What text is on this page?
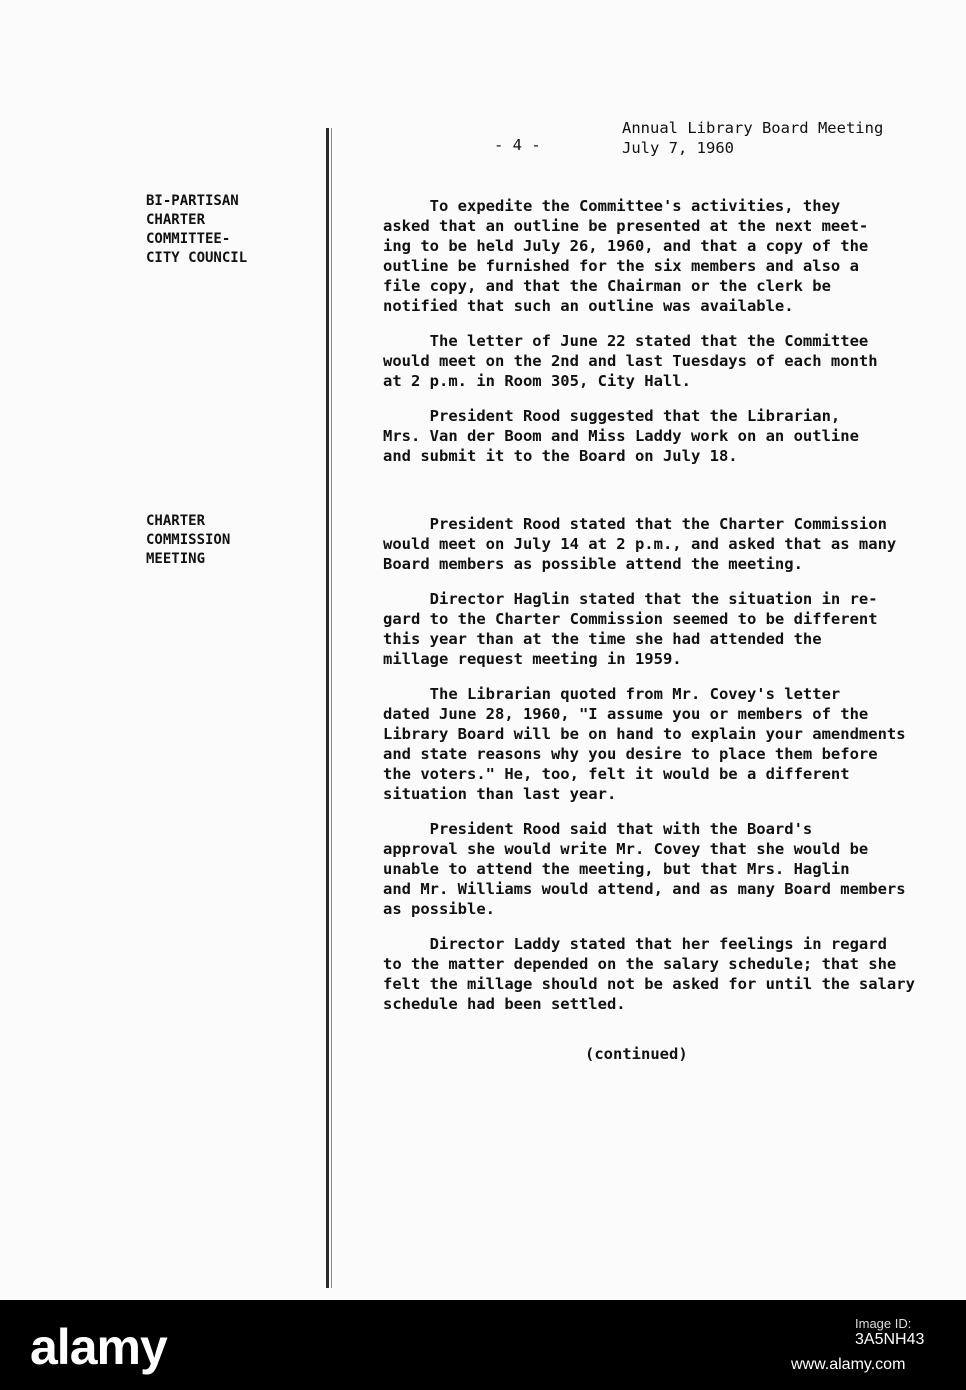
Annual Library Board Meeting
July 7, 1960
- 4 -
BI-PARTISAN
CHARTER
COMMITTEE-
CITY COUNCIL
CHARTER
COMMISSION
MEETING

To expedite the Committee's activities, they
asked that an outline be presented at the next meet-
ing to be held July 26, 1960, and that a copy of the
outline be furnished for the six members and also a
file copy, and that the Chairman or the clerk be
notified that such an outline was available.

The letter of June 22 stated that the Committee
would meet on the 2nd and last Tuesdays of each month
at 2 p.m. in Room 305, City Hall.

President Rood suggested that the Librarian,
Mrs. Van der Boom and Miss Laddy work on an outline
and submit it to the Board on July 18.

President Rood stated that the Charter Commission
would meet on July 14 at 2 p.m., and asked that as many
Board members as possible attend the meeting.

Director Haglin stated that the situation in re-
gard to the Charter Commission seemed to be different
this year than at the time she had attended the
millage request meeting in 1959.

The Librarian quoted from Mr. Covey's letter
dated June 28, 1960, "I assume you or members of the
Library Board will be on hand to explain your amendments
and state reasons why you desire to place them before
the voters." He, too, felt it would be a different
situation than last year.

President Rood said that with the Board's
approval she would write Mr. Covey that she would be
unable to attend the meeting, but that Mrs. Haglin
and Mr. Williams would attend, and as many Board members
as possible.

Director Laddy stated that her feelings in regard
to the matter depended on the salary schedule; that she
felt the millage should not be asked for until the salary
schedule had been settled.

(continued)
alamy	Image ID:
3A5NH43
www.alamy.com
